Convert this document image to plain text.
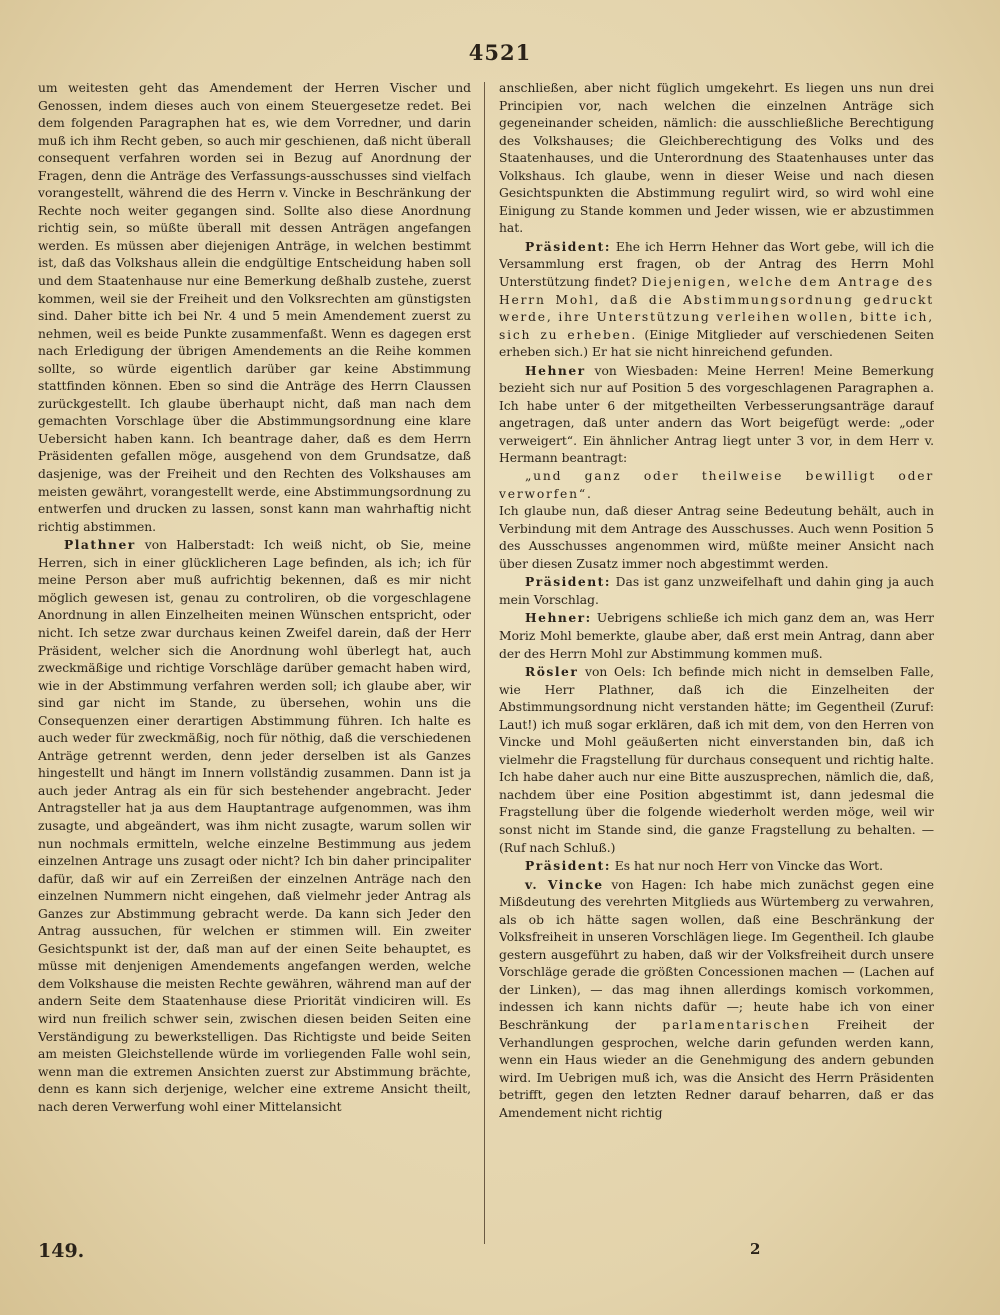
4521

um weitesten geht das Amendement der Herren Vischer und Genossen, indem dieses auch von einem Steuergesetze redet. Bei dem folgenden Paragraphen hat es, wie dem Vorredner, und darin muß ich ihm Recht geben, so auch mir geschienen, daß nicht überall consequent verfahren worden sei in Bezug auf Anordnung der Fragen, denn die Anträge des Verfassungs-ausschusses sind vielfach vorangestellt, während die des Herrn v. Vincke in Beschränkung der Rechte noch weiter gegangen sind. Sollte also diese Anordnung richtig sein, so müßte überall mit dessen Anträgen angefangen werden. Es müssen aber diejenigen Anträge, in welchen bestimmt ist, daß das Volkshaus allein die endgültige Entscheidung haben soll und dem Staatenhause nur eine Bemerkung deßhalb zustehe, zuerst kommen, weil sie der Freiheit und den Volksrechten am günstigsten sind. Daher bitte ich bei Nr. 4 und 5 mein Amendement zuerst zu nehmen, weil es beide Punkte zusammenfaßt. Wenn es dagegen erst nach Erledigung der übrigen Amendements an die Reihe kommen sollte, so würde eigentlich darüber gar keine Abstimmung stattfinden können. Eben so sind die Anträge des Herrn Claussen zurückgestellt. Ich glaube überhaupt nicht, daß man nach dem gemachten Vorschlage über die Abstimmungsordnung eine klare Uebersicht haben kann. Ich beantrage daher, daß es dem Herrn Präsidenten gefallen möge, ausgehend von dem Grundsatze, daß dasjenige, was der Freiheit und den Rechten des Volkshauses am meisten gewährt, vorangestellt werde, eine Abstimmungsordnung zu entwerfen und drucken zu lassen, sonst kann man wahrhaftig nicht richtig abstimmen.

Plathner von Halberstadt: Ich weiß nicht, ob Sie, meine Herren, sich in einer glücklicheren Lage befinden, als ich; ich für meine Person aber muß aufrichtig bekennen, daß es mir nicht möglich gewesen ist, genau zu controliren, ob die vorgeschlagene Anordnung in allen Einzelheiten meinen Wünschen entspricht, oder nicht. Ich setze zwar durchaus keinen Zweifel darein, daß der Herr Präsident, welcher sich die Anordnung wohl überlegt hat, auch zweckmäßige und richtige Vorschläge darüber gemacht haben wird, wie in der Abstimmung verfahren werden soll; ich glaube aber, wir sind gar nicht im Stande, zu übersehen, wohin uns die Consequenzen einer derartigen Abstimmung führen. Ich halte es auch weder für zweckmäßig, noch für nöthig, daß die verschiedenen Anträge getrennt werden, denn jeder derselben ist als Ganzes hingestellt und hängt im Innern vollständig zusammen. Dann ist ja auch jeder Antrag als ein für sich bestehender angebracht. Jeder Antragsteller hat ja aus dem Hauptantrage aufgenommen, was ihm zusagte, und abgeändert, was ihm nicht zusagte, warum sollen wir nun nochmals ermitteln, welche einzelne Bestimmung aus jedem einzelnen Antrage uns zusagt oder nicht? Ich bin daher principaliter dafür, daß wir auf ein Zerreißen der einzelnen Anträge nach den einzelnen Nummern nicht eingehen, daß vielmehr jeder Antrag als Ganzes zur Abstimmung gebracht werde. Da kann sich Jeder den Antrag aussuchen, für welchen er stimmen will. Ein zweiter Gesichtspunkt ist der, daß man auf der einen Seite behauptet, es müsse mit denjenigen Amendements angefangen werden, welche dem Volkshause die meisten Rechte gewähren, während man auf der andern Seite dem Staatenhause diese Priorität vindiciren will. Es wird nun freilich schwer sein, zwischen diesen beiden Seiten eine Verständigung zu bewerkstelligen. Das Richtigste und beide Seiten am meisten Gleichstellende würde im vorliegenden Falle wohl sein, wenn man die extremen Ansichten zuerst zur Abstimmung brächte, denn es kann sich derjenige, welcher eine extreme Ansicht theilt, nach deren Verwerfung wohl einer Mittelansicht

anschließen, aber nicht füglich umgekehrt. Es liegen uns nun drei Principien vor, nach welchen die einzelnen Anträge sich gegeneinander scheiden, nämlich: die ausschließliche Berechtigung des Volkshauses; die Gleichberechtigung des Volks und des Staatenhauses, und die Unterordnung des Staatenhauses unter das Volkshaus. Ich glaube, wenn in dieser Weise und nach diesen Gesichtspunkten die Abstimmung regulirt wird, so wird wohl eine Einigung zu Stande kommen und Jeder wissen, wie er abzustimmen hat.

Präsident: Ehe ich Herrn Hehner das Wort gebe, will ich die Versammlung erst fragen, ob der Antrag des Herrn Mohl Unterstützung findet? Diejenigen, welche dem Antrage des Herrn Mohl, daß die Abstimmungsordnung gedruckt werde, ihre Unterstützung verleihen wollen, bitte ich, sich zu erheben. (Einige Mitglieder auf verschiedenen Seiten erheben sich.) Er hat sie nicht hinreichend gefunden.

Hehner von Wiesbaden: Meine Herren! Meine Bemerkung bezieht sich nur auf Position 5 des vorgeschlagenen Paragraphen a. Ich habe unter 6 der mitgetheilten Verbesserungsanträge darauf angetragen, daß unter andern das Wort beigefügt werde: „oder verweigert“. Ein ähnlicher Antrag liegt unter 3 vor, in dem Herr v. Hermann beantragt:

„und ganz oder theilweise bewilligt oder verworfen“.

Ich glaube nun, daß dieser Antrag seine Bedeutung behält, auch in Verbindung mit dem Antrage des Ausschusses. Auch wenn Position 5 des Ausschusses angenommen wird, müßte meiner Ansicht nach über diesen Zusatz immer noch abgestimmt werden.

Präsident: Das ist ganz unzweifelhaft und dahin ging ja auch mein Vorschlag.

Hehner: Uebrigens schließe ich mich ganz dem an, was Herr Moriz Mohl bemerkte, glaube aber, daß erst mein Antrag, dann aber der des Herrn Mohl zur Abstimmung kommen muß.

Rösler von Oels: Ich befinde mich nicht in demselben Falle, wie Herr Plathner, daß ich die Einzelheiten der Abstimmungsordnung nicht verstanden hätte; im Gegentheil (Zuruf: Laut!) ich muß sogar erklären, daß ich mit dem, von den Herren von Vincke und Mohl geäußerten nicht einverstanden bin, daß ich vielmehr die Fragstellung für durchaus consequent und richtig halte. Ich habe daher auch nur eine Bitte auszusprechen, nämlich die, daß, nachdem über eine Position abgestimmt ist, dann jedesmal die Fragstellung über die folgende wiederholt werden möge, weil wir sonst nicht im Stande sind, die ganze Fragstellung zu behalten. — (Ruf nach Schluß.)

Präsident: Es hat nur noch Herr von Vincke das Wort.

v. Vincke von Hagen: Ich habe mich zunächst gegen eine Mißdeutung des verehrten Mitglieds aus Würtemberg zu verwahren, als ob ich hätte sagen wollen, daß eine Beschränkung der Volksfreiheit in unseren Vorschlägen liege. Im Gegentheil. Ich glaube gestern ausgeführt zu haben, daß wir der Volksfreiheit durch unsere Vorschläge gerade die größten Concessionen machen — (Lachen auf der Linken), — das mag ihnen allerdings komisch vorkommen, indessen ich kann nichts dafür —; heute habe ich von einer Beschränkung der parlamentarischen Freiheit der Verhandlungen gesprochen, welche darin gefunden werden kann, wenn ein Haus wieder an die Genehmigung des andern gebunden wird. Im Uebrigen muß ich, was die Ansicht des Herrn Präsidenten betrifft, gegen den letzten Redner darauf beharren, daß er das Amendement nicht richtig

149.	2
